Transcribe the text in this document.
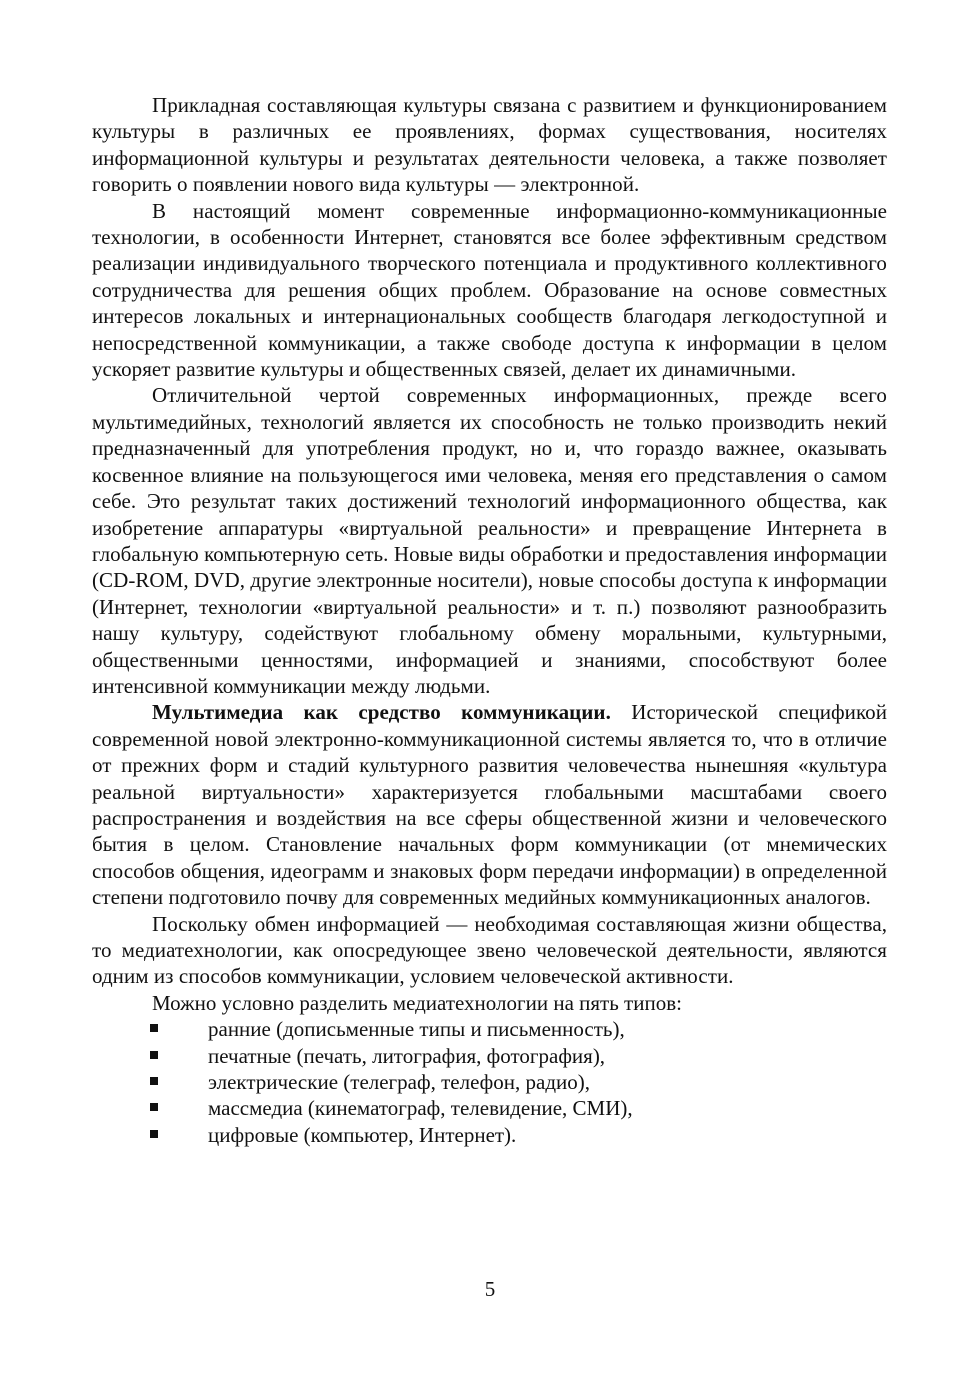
Прикладная составляющая культуры связана с развитием и функционированием культуры в различных ее проявлениях, формах существования, носителях информационной культуры и результатах деятельности человека, а также позволяет говорить о появлении нового вида культуры — электронной.

В настоящий момент современные информационно-коммуникационные технологии, в особенности Интернет, становятся все более эффективным средством реализации индивидуального творческого потенциала и продуктивного коллективного сотрудничества для решения общих проблем. Образование на основе совместных интересов локальных и интернациональных сообществ благодаря легкодоступной и непосредственной коммуникации, а также свободе доступа к информации в целом ускоряет развитие культуры и общественных связей, делает их динамичными.

Отличительной чертой современных информационных, прежде всего мультимедийных, технологий является их способность не только производить некий предназначенный для употребления продукт, но и, что гораздо важнее, оказывать косвенное влияние на пользующегося ими человека, меняя его представления о самом себе. Это результат таких достижений технологий информационного общества, как изобретение аппаратуры «виртуальной реальности» и превращение Интернета в глобальную компьютерную сеть. Новые виды обработки и предоставления информации (CD-ROM, DVD, другие электронные носители), новые способы доступа к информации (Интернет, технологии «виртуальной реальности» и т. п.) позволяют разнообразить нашу культуру, содействуют глобальному обмену моральными, культурными, общественными ценностями, информацией и знаниями, способствуют более интенсивной коммуникации между людьми.

Мультимедиа как средство коммуникации. Исторической спецификой современной новой электронно-коммуникационной системы является то, что в отличие от прежних форм и стадий культурного развития человечества нынешняя «культура реальной виртуальности» характеризуется глобальными масштабами своего распространения и воздействия на все сферы общественной жизни и человеческого бытия в целом. Становление начальных форм коммуникации (от мнемических способов общения, идеограмм и знаковых форм передачи информации) в определенной степени подготовило почву для современных медийных коммуникационных аналогов.

Поскольку обмен информацией — необходимая составляющая жизни общества, то медиатехнологии, как опосредующее звено человеческой деятельности, являются одним из способов коммуникации, условием человеческой активности.

Можно условно разделить медиатехнологии на пять типов:

ранние (дописьменные типы и письменность),
печатные (печать, литография, фотография),
электрические (телеграф, телефон, радио),
массмедиа (кинематограф, телевидение, СМИ),
цифровые (компьютер, Интернет).
5
